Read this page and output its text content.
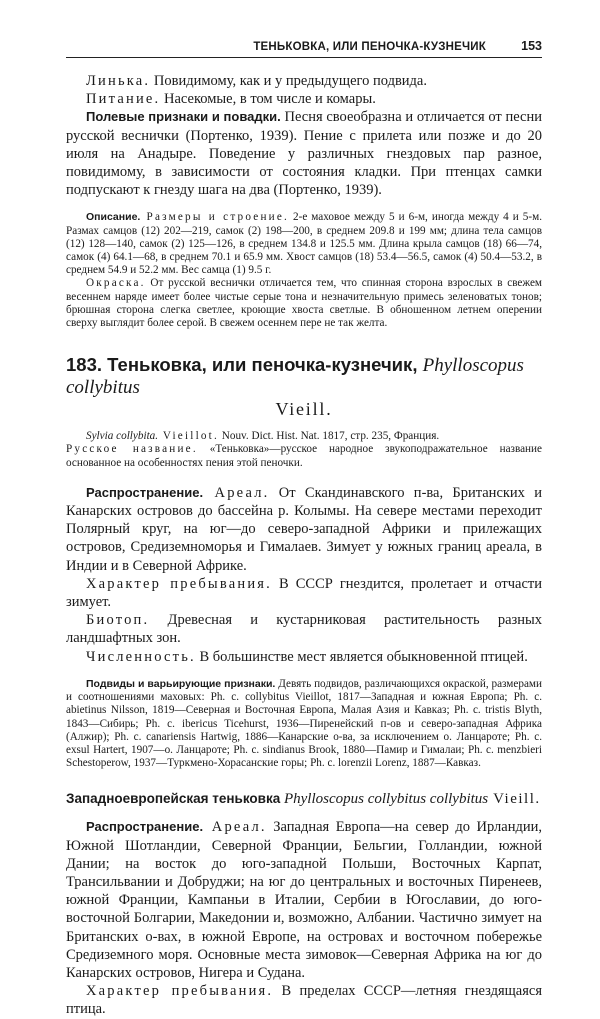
ТЕНЬКОВКА, ИЛИ ПЕНОЧКА-КУЗНЕЧИК	153

Линька. Повидимому, как и у предыдущего подвида.

Питание. Насекомые, в том числе и комары.

Полевые признаки и повадки. Песня своеобразна и отличается от песни русской веснички (Портенко, 1939). Пение с прилета или позже и до 20 июля на Анадыре. Поведение у различных гнездовых пар разное, повидимому, в зависимости от состояния кладки. При птенцах самки подпускают к гнезду шага на два (Портенко, 1939).

Описание. Размеры и строение. 2-е маховое между 5 и 6-м, иногда между 4 и 5-м. Размах самцов (12) 202—219, самок (2) 198—200, в среднем 209.8 и 199 мм; длина тела самцов (12) 128—140, самок (2) 125—126, в среднем 134.8 и 125.5 мм. Длина крыла самцов (18) 66—74, самок (4) 64.1—68, в среднем 70.1 и 65.9 мм. Хвост самцов (18) 53.4—56.5, самок (4) 50.4—53.2, в среднем 54.9 и 52.2 мм. Вес самца (1) 9.5 г.

Окраска. От русской веснички отличается тем, что спинная сторона взрослых в свежем весеннем наряде имеет более чистые серые тона и незначительную примесь зеленоватых тонов; брюшная сторона слегка светлее, кроющие хвоста светлые. В обношенном летнем оперении сверху выглядит более серой. В свежем осеннем пере не так желта.

183. Теньковка, или пеночка-кузнечик, Phylloscopus collybitus

Vieill.

Sylvia collybita. Vieillot. Nouv. Dict. Hist. Nat. 1817, стр. 235, Франция.

Русское название. «Теньковка»—русское народное звукоподражательное название основанное на особенностях пения этой пеночки.

Распространение. Ареал. От Скандинавского п-ва, Британских и Канарских островов до бассейна р. Колымы. На севере местами переходит Полярный круг, на юг—до северо-западной Африки и прилежащих островов, Средиземноморья и Гималаев. Зимует у южных границ ареала, в Индии и в Северной Африке.

Характер пребывания. В СССР гнездится, пролетает и отчасти зимует.

Биотоп. Древесная и кустарниковая растительность разных ландшафтных зон.

Численность. В большинстве мест является обыкновенной птицей.

Подвиды и варьирующие признаки. Девять подвидов, различающихся окраской, размерами и соотношениями маховых: Ph. c. collybitus Vieillot, 1817—Западная и южная Европа; Ph. c. abietinus Nilsson, 1819—Северная и Восточная Европа, Малая Азия и Кавказ; Ph. c. tristis Blyth, 1843—Сибирь; Ph. c. ibericus Ticehurst, 1936—Пиренейский п-ов и северо-западная Африка (Алжир); Ph. c. canariensis Hartwig, 1886—Канарские о-ва, за исключением о. Ланцароте; Ph. c. exsul Hartert, 1907—о. Ланцароте; Ph. c. sindianus Brook, 1880—Памир и Гималаи; Ph. c. menzbieri Schestoperow, 1937—Туркмено-Хорасанские горы; Ph. c. lorenzii Lorenz, 1887—Кавказ.

Западноевропейская теньковка Phylloscopus collybitus collybitus Vieill.

Распространение. Ареал. Западная Европа—на север до Ирландии, Южной Шотландии, Северной Франции, Бельгии, Голландии, южной Дании; на восток до юго-западной Польши, Восточных Карпат, Трансильвании и Добруджи; на юг до центральных и восточных Пиренеев, южной Франции, Кампаньи в Италии, Сербии в Югославии, до юго-восточной Болгарии, Македонии и, возможно, Албании. Частично зимует на Британских о-вах, в южной Европе, на островах и восточном побережье Средиземного моря. Основные места зимовок—Северная Африка на юг до Канарских островов, Нигера и Судана.

Характер пребывания. В пределах СССР—летняя гнездящаяся птица.
